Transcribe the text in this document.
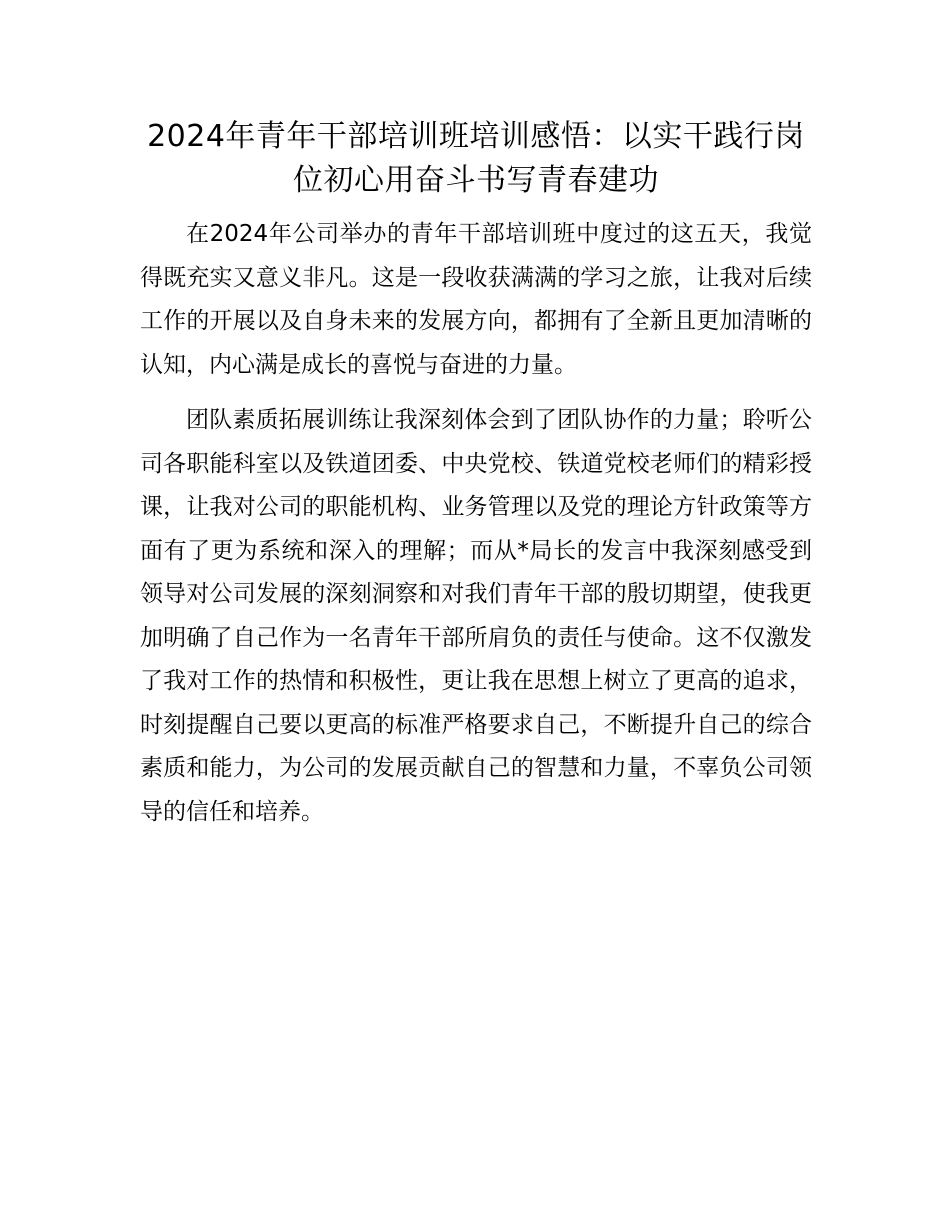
2024年青年干部培训班培训感悟：以实干践行岗位初心用奋斗书写青春建功

在2024年公司举办的青年干部培训班中度过的这五天，我觉得既充实又意义非凡。这是一段收获满满的学习之旅，让我对后续工作的开展以及自身未来的发展方向，都拥有了全新且更加清晰的认知，内心满是成长的喜悦与奋进的力量。

团队素质拓展训练让我深刻体会到了团队协作的力量；聆听公司各职能科室以及铁道团委、中央党校、铁道党校老师们的精彩授课，让我对公司的职能机构、业务管理以及党的理论方针政策等方面有了更为系统和深入的理解；而从*局长的发言中我深刻感受到领导对公司发展的深刻洞察和对我们青年干部的殷切期望，使我更加明确了自己作为一名青年干部所肩负的责任与使命。这不仅激发了我对工作的热情和积极性，更让我在思想上树立了更高的追求，时刻提醒自己要以更高的标准严格要求自己，不断提升自己的综合素质和能力，为公司的发展贡献自己的智慧和力量，不辜负公司领导的信任和培养。
